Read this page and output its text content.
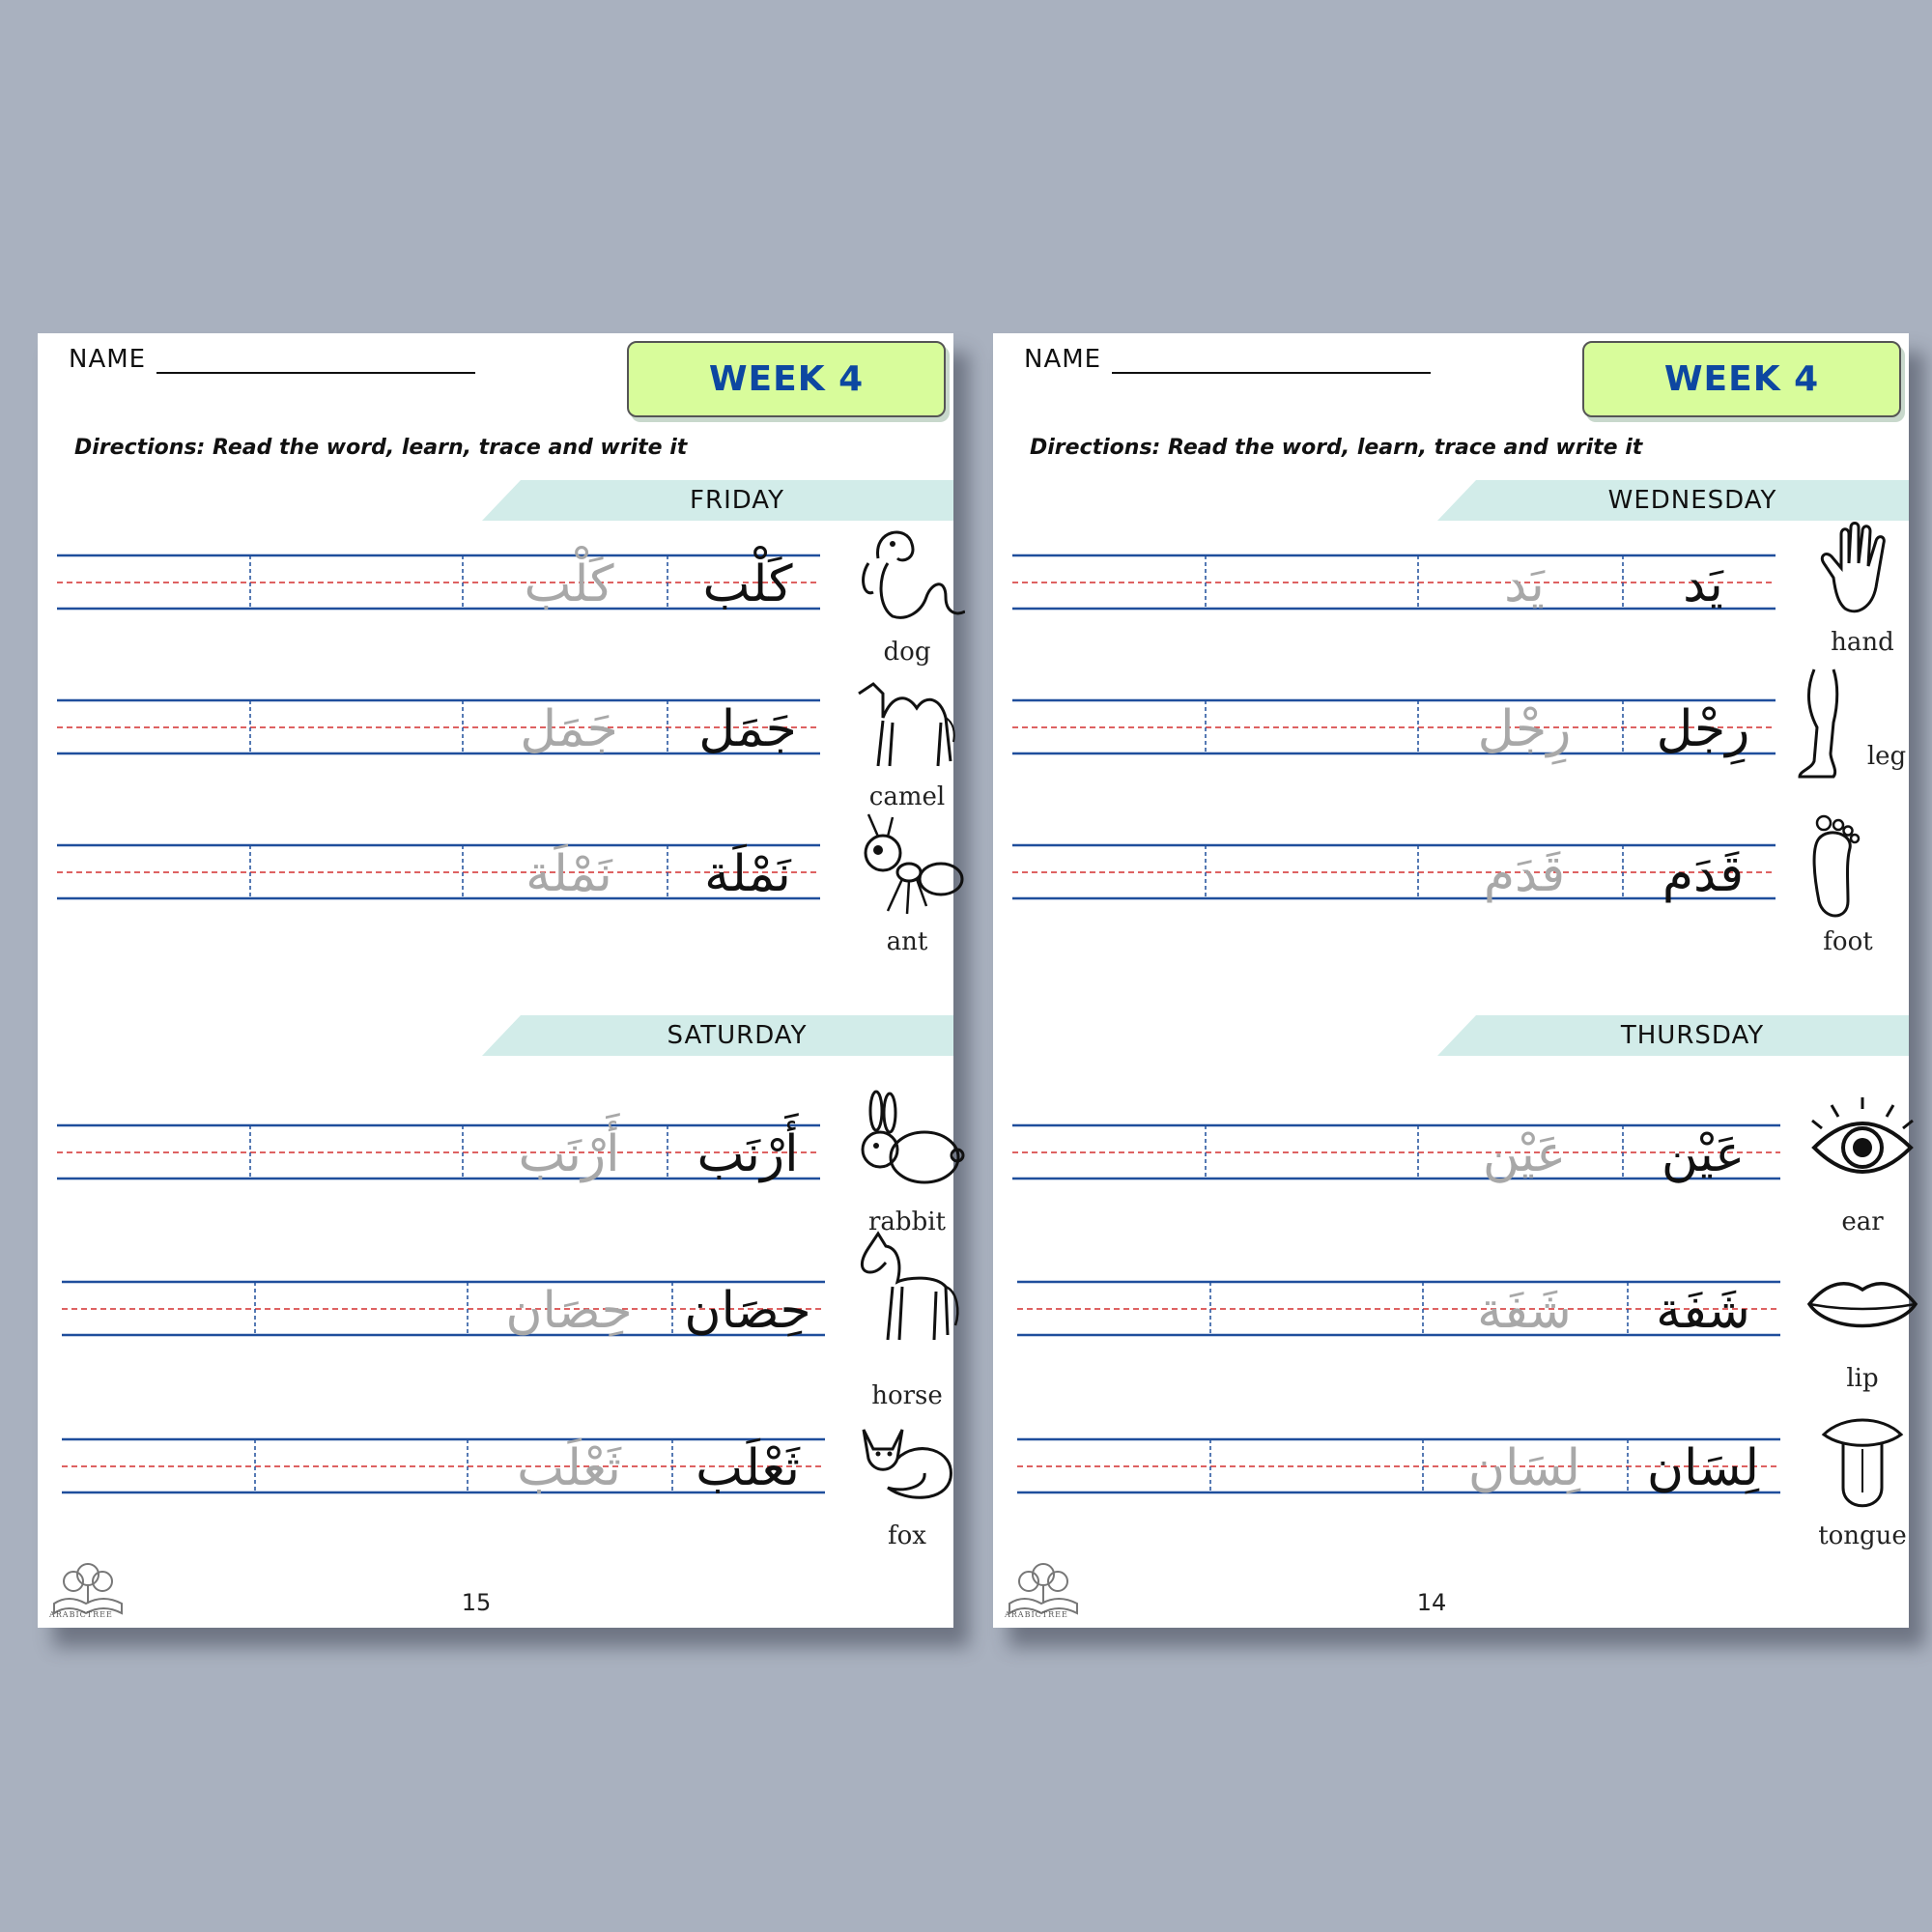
NAME	WEEK 4
Directions: Read the word, learn, trace and write it
FRIDAY
كَلْب	كَلْب
dog
جَمَل	جَمَل
camel
نَمْلَة	نَمْلَة
ant
SATURDAY
أَرْنَب	أَرْنَب
rabbit
حِصَان	حِصَان
horse
ثَعْلَب	ثَعْلَب
fox
ARABICTREE	15
NAME	WEEK 4
Directions: Read the word, learn, trace and write it
WEDNESDAY
يَد	يَد
hand
رِجْل	رِجْل	leg
قَدَم	قَدَم
foot
THURSDAY
عَيْن	عَيْن
ear
شَفَة	شَفَة
lip
لِسَان	لِسَان
tongue
ARABICTREE	14
